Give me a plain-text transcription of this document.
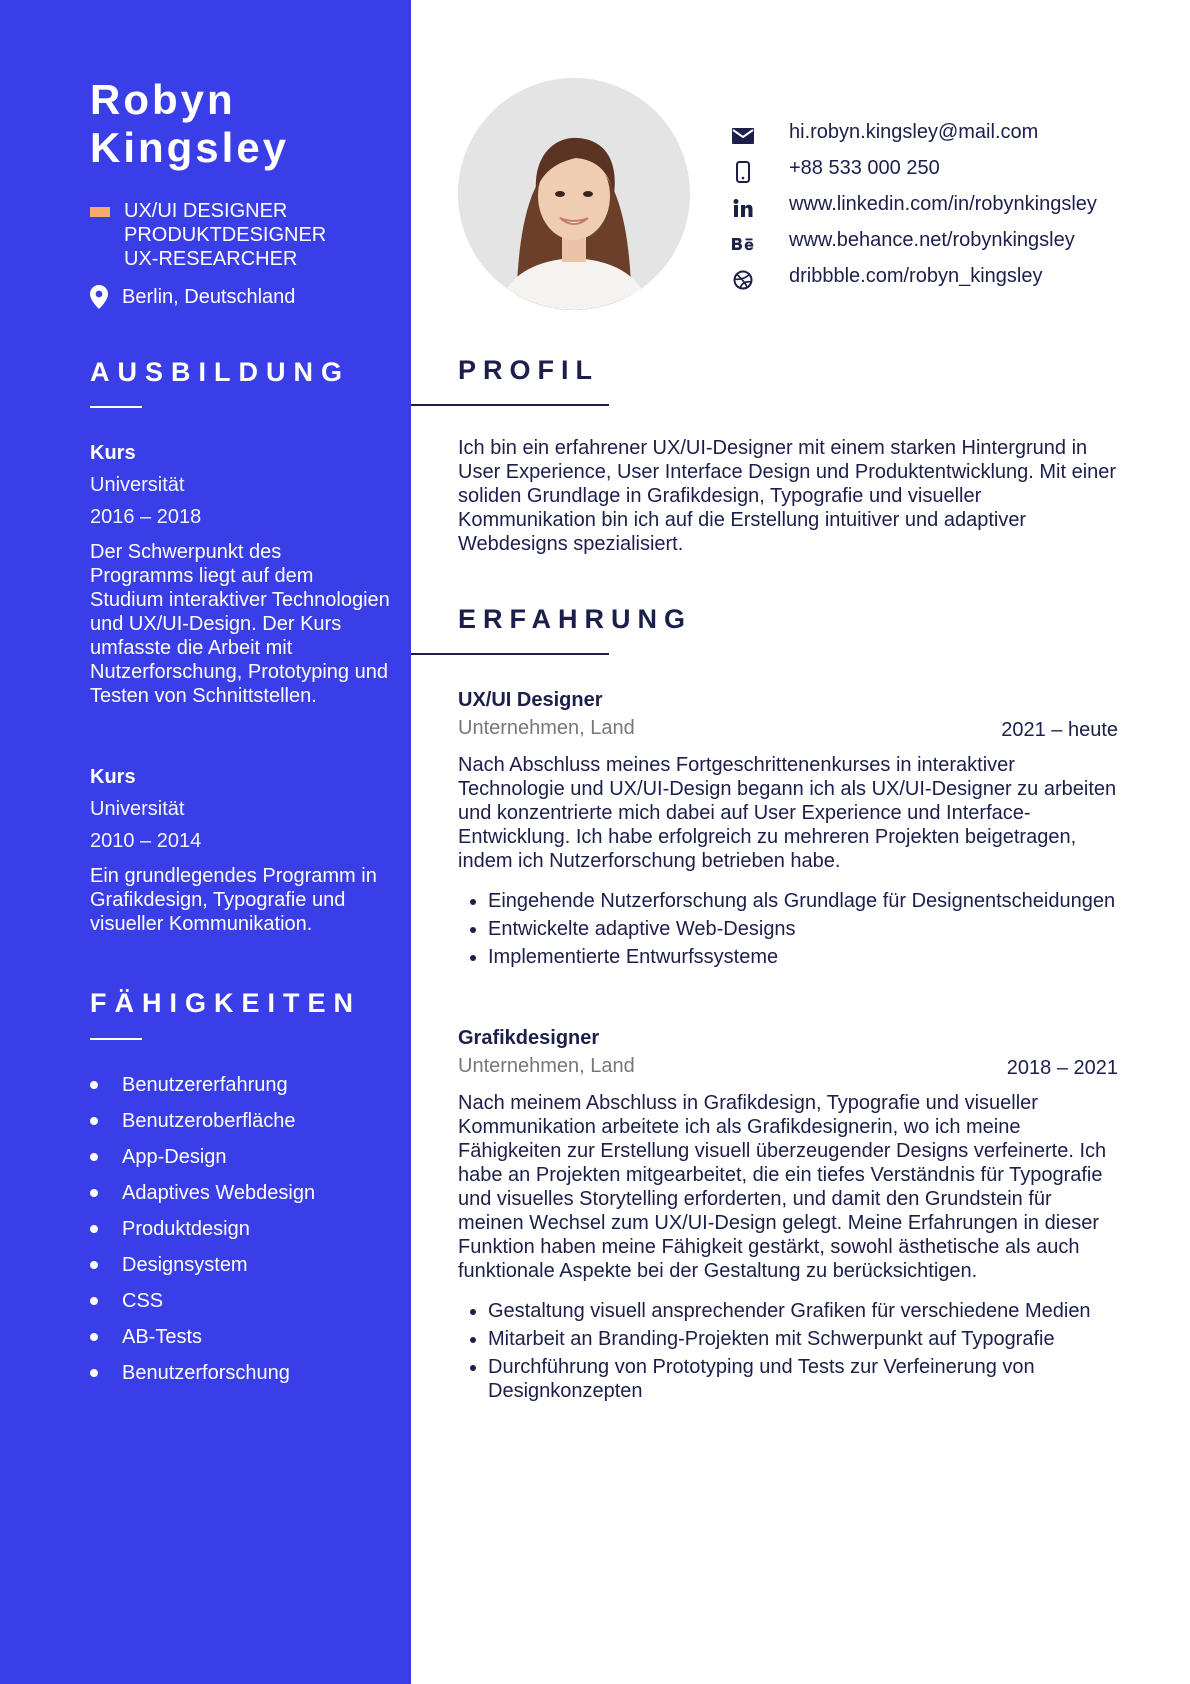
Robyn
Kingsley
UX/UI DESIGNER
PRODUKTDESIGNER
UX-RESEARCHER
Berlin, Deutschland
AUSBILDUNG
Kurs
Universität
2016 – 2018
Der Schwerpunkt des Programms liegt auf dem Studium interaktiver Technologien und UX/UI-Design. Der Kurs umfasste die Arbeit mit Nutzerforschung, Prototyping und Testen von Schnittstellen.
Kurs
Universität
2010 – 2014
Ein grundlegendes Programm in Grafikdesign, Typografie und visueller Kommunikation.
FÄHIGKEITEN
Benutzererfahrung
Benutzeroberfläche
App-Design
Adaptives Webdesign
Produktdesign
Designsystem
CSS
AB-Tests
Benutzerforschung
hi.robyn.kingsley@mail.com
+88 533 000 250
www.linkedin.com/in/robynkingsley
www.behance.net/robynkingsley
dribbble.com/robyn_kingsley
PROFIL

Ich bin ein erfahrener UX/UI-Designer mit einem starken Hintergrund in User Experience, User Interface Design und Produktentwicklung. Mit einer soliden Grundlage in Grafikdesign, Typografie und visueller Kommunikation bin ich auf die Erstellung intuitiver und adaptiver Webdesigns spezialisiert.

ERFAHRUNG
UX/UI Designer
Unternehmen, Land	2021 – heute

Nach Abschluss meines Fortgeschrittenenkurses in interaktiver Technologie und UX/UI-Design begann ich als UX/UI-Designer zu arbeiten und konzentrierte mich dabei auf User Experience und Interface-Entwicklung. Ich habe erfolgreich zu mehreren Projekten beigetragen, indem ich Nutzerforschung betrieben habe.

• Eingehende Nutzerforschung als Grundlage für Designentscheidungen
• Entwickelte adaptive Web-Designs
• Implementierte Entwurfssysteme
Grafikdesigner
Unternehmen, Land	2018 – 2021

Nach meinem Abschluss in Grafikdesign, Typografie und visueller Kommunikation arbeitete ich als Grafikdesignerin, wo ich meine Fähigkeiten zur Erstellung visuell überzeugender Designs verfeinerte. Ich habe an Projekten mitgearbeitet, die ein tiefes Verständnis für Typografie und visuelles Storytelling erforderten, und damit den Grundstein für meinen Wechsel zum UX/UI-Design gelegt. Meine Erfahrungen in dieser Funktion haben meine Fähigkeit gestärkt, sowohl ästhetische als auch funktionale Aspekte bei der Gestaltung zu berücksichtigen.

• Gestaltung visuell ansprechender Grafiken für verschiedene Medien
• Mitarbeit an Branding-Projekten mit Schwerpunkt auf Typografie
• Durchführung von Prototyping und Tests zur Verfeinerung von Designkonzepten
